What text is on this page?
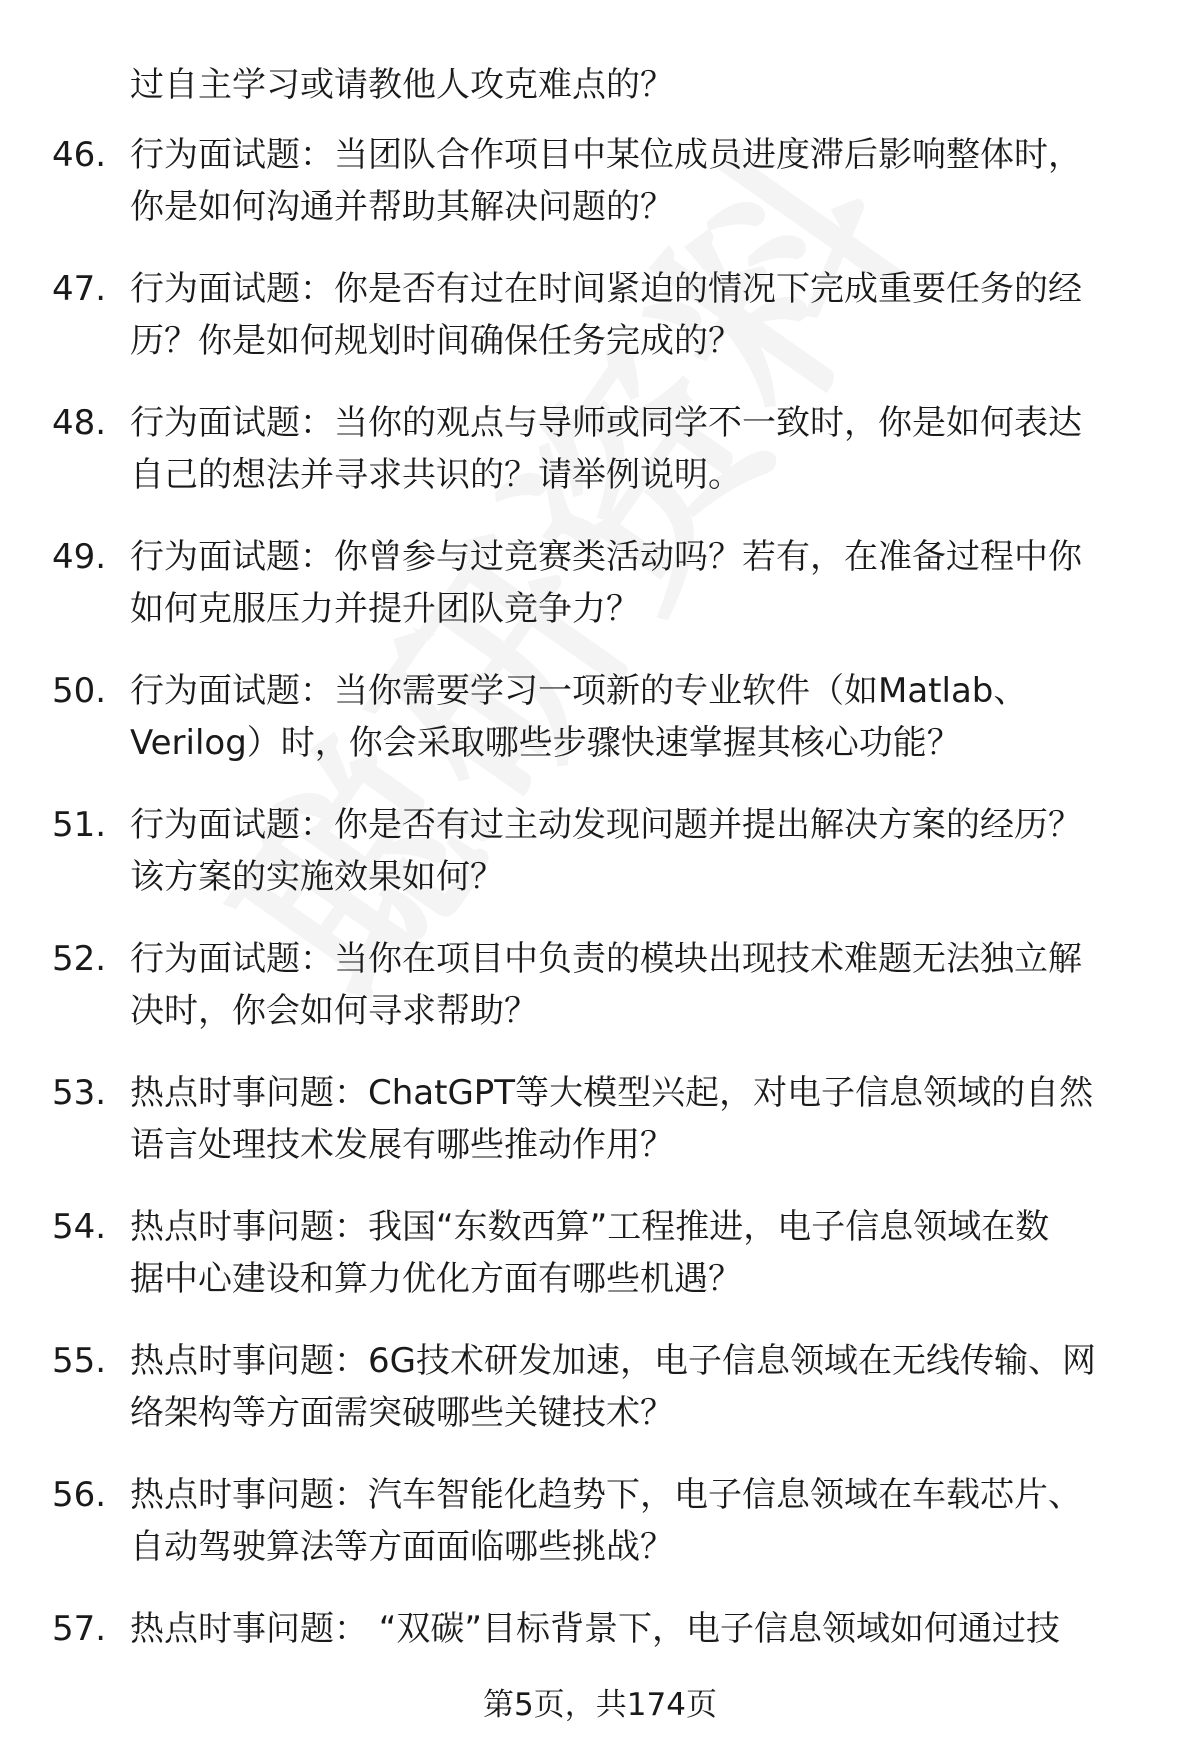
过自主学习或请教他人攻克难点的？
46. 行为面试题：当团队合作项目中某位成员进度滞后影响整体时，
你是如何沟通并帮助其解决问题的？
47. 行为面试题：你是否有过在时间紧迫的情况下完成重要任务的经
历？你是如何规划时间确保任务完成的？
48. 行为面试题：当你的观点与导师或同学不一致时，你是如何表达
自己的想法并寻求共识的？请举例说明。
49. 行为面试题：你曾参与过竞赛类活动吗？若有，在准备过程中你
如何克服压力并提升团队竞争力？
50. 行为面试题：当你需要学习一项新的专业软件（如Matlab、
Verilog）时，你会采取哪些步骤快速掌握其核心功能？
51. 行为面试题：你是否有过主动发现问题并提出解决方案的经历？
该方案的实施效果如何？
52. 行为面试题：当你在项目中负责的模块出现技术难题无法独立解
决时，你会如何寻求帮助？
53. 热点时事问题：ChatGPT等大模型兴起，对电子信息领域的自然
语言处理技术发展有哪些推动作用？
54. 热点时事问题：我国“东数西算”工程推进，电子信息领域在数
据中心建设和算力优化方面有哪些机遇？
55. 热点时事问题：6G技术研发加速，电子信息领域在无线传输、网
络架构等方面需突破哪些关键技术？
56. 热点时事问题：汽车智能化趋势下，电子信息领域在车载芯片、
自动驾驶算法等方面面临哪些挑战？
57. 热点时事问题： “双碳”目标背景下，电子信息领域如何通过技
第5页，共174页
